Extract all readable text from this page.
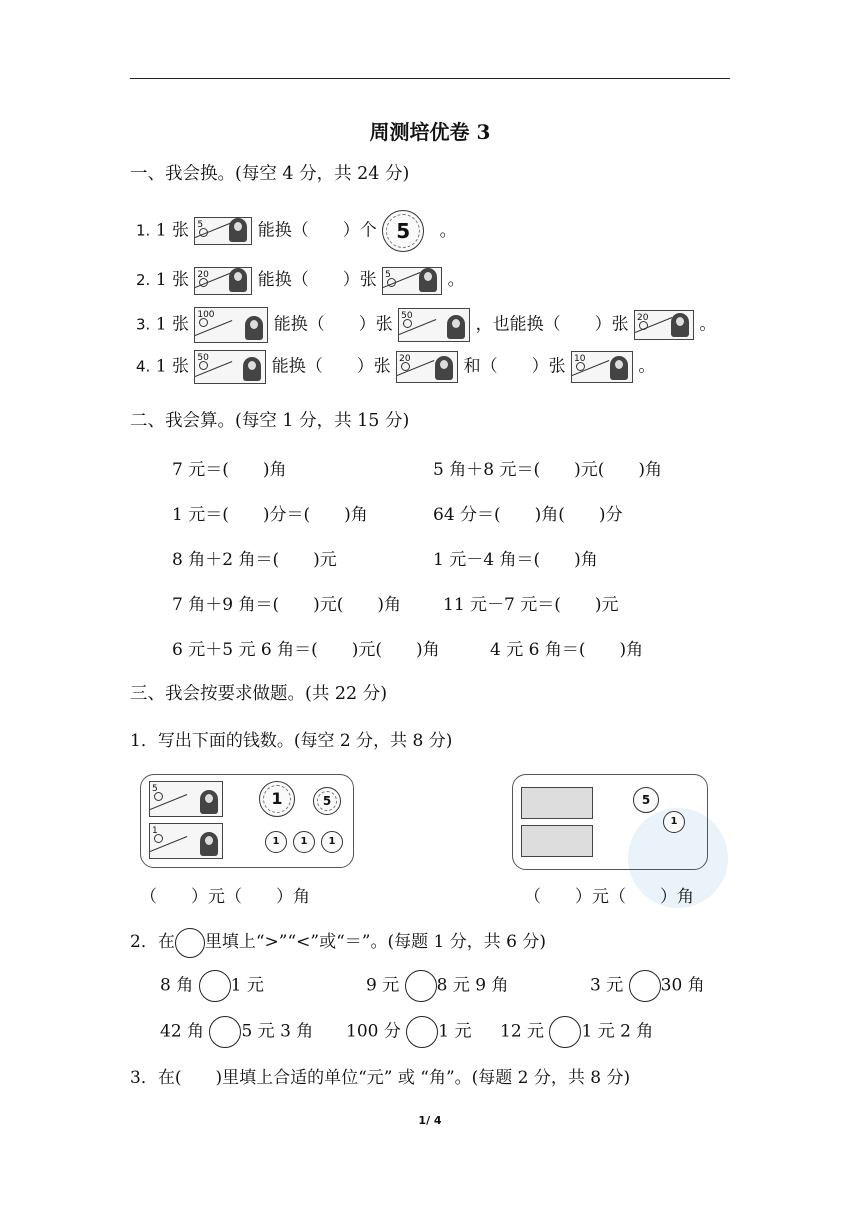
周测培优卷 3
一、我会换。(每空 4 分，共 24 分)
1. 1 张 5	能换（　　）个 5 。
2. 1 张 20	能换（　　）张 5	。
3. 1 张 100	能换（　　）张 50	，也能换（　　）张 20	。
4. 1 张 50	能换（　　）张 20	和（　　）张 10	。
二、我会算。(每空 1 分，共 15 分)
7 元＝(　　)角	5 角＋8 元＝(　　)元(　　)角
1 元＝(　　)分＝(　　)角	64 分＝(　　)角(　　)分
8 角＋2 角＝(　　)元	1 元－4 角＝(　　)角
7 角＋9 角＝(　　)元(　　)角 11 元－7 元＝(　　)元
6 元＋5 元 6 角＝(　　)元(　　)角	4 元 6 角＝(　　)角
三、我会按要求做题。(共 22 分)
1．写出下面的钱数。(每空 2 分，共 8 分)
5
1
1	5
1	1	1
5
1
（　　）元（　　）角	（　　）元（　　）角
2．在 里填上“>”“<”或“＝”。(每题 1 分，共 6 分)
8 角 1 元	9 元 8 元 9 角	3 元 30 角
42 角 5 元 3 角 100 分 1 元 12 元 1 元 2 角
3．在(　　)里填上合适的单位“元” 或 “角”。(每题 2 分，共 8 分)
1/ 4
